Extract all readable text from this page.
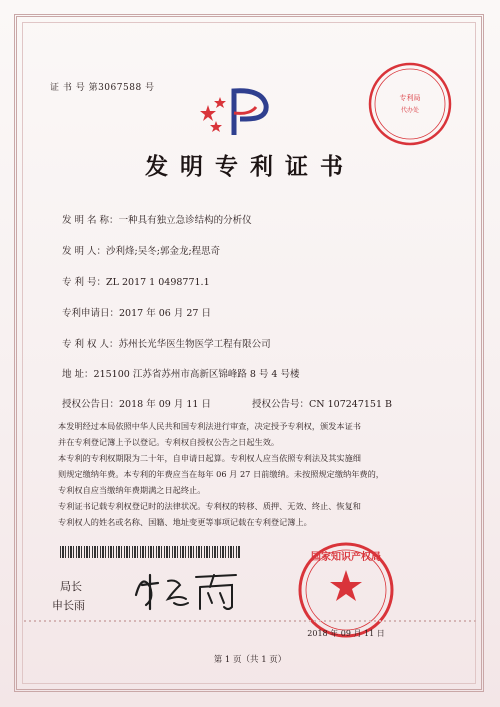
证 书 号 第3067588 号
专利局
代办处
发明专利证书
发 明 名 称：一种具有独立急诊结构的分析仪
发 明 人：沙利烽;吴冬;郭金龙;程思奇
专 利 号：ZL 2017 1 0498771.1
专利申请日：2017 年 06 月 27 日
专 利 权 人：苏州长光华医生物医学工程有限公司
地 址：215100 江苏省苏州市高新区锦峰路 8 号 4 号楼
授权公告日：2018 年 09 月 11 日	授权公告号：CN 107247151 B
本发明经过本局依照中华人民共和国专利法进行审查，决定授予专利权，颁发本证书
并在专利登记簿上予以登记。专利权自授权公告之日起生效。
本专利的专利权期限为二十年，自申请日起算。专利权人应当依照专利法及其实施细
则规定缴纳年费。本专利的年费应当在每年 06 月 27 日前缴纳。未按照规定缴纳年费的，
专利权自应当缴纳年费期满之日起终止。
专利证书记载专利权登记时的法律状况。专利权的转移、质押、无效、终止、恢复和
专利权人的姓名或名称、国籍、地址变更等事项记载在专利登记簿上。
局长
申长雨
国家知识产权局
2018 年 09 月 11 日
第 1 页（共 1 页）
